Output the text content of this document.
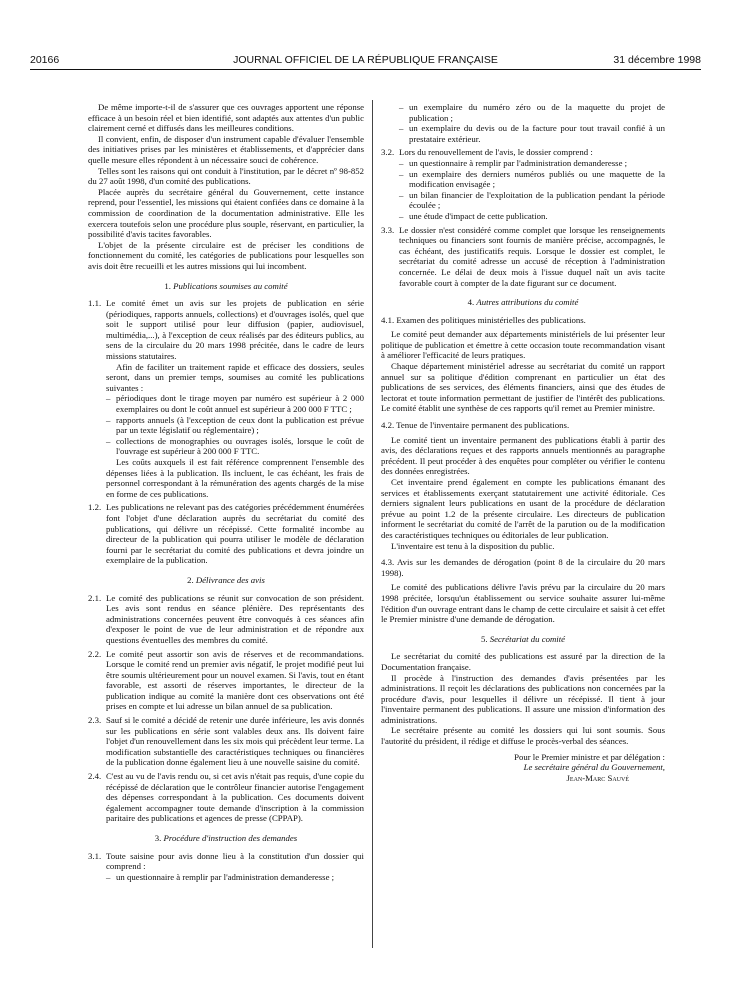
20166	JOURNAL OFFICIEL DE LA RÉPUBLIQUE FRANÇAISE	31 décembre 1998

De même importe-t-il de s'assurer que ces ouvrages apportent une réponse efficace à un besoin réel et bien identifié, sont adaptés aux attentes d'un public clairement cerné et diffusés dans les meilleures conditions.

Il convient, enfin, de disposer d'un instrument capable d'évaluer l'ensemble des initiatives prises par les ministères et établissements, et d'apprécier dans quelle mesure elles répondent à un nécessaire souci de cohérence.

Telles sont les raisons qui ont conduit à l'institution, par le décret nº 98-852 du 27 août 1998, d'un comité des publications.

Placée auprès du secrétaire général du Gouvernement, cette instance reprend, pour l'essentiel, les missions qui étaient confiées dans ce domaine à la commission de coordination de la documentation administrative. Elle les exercera toutefois selon une procédure plus souple, réservant, en particulier, la possibilité d'avis tacites favorables.

L'objet de la présente circulaire est de préciser les conditions de fonctionnement du comité, les catégories de publications pour lesquelles son avis doit être recueilli et les autres missions qui lui incombent.

1. Publications soumises au comité
1.1. Le comité émet un avis sur les projets de publication en série (périodiques, rapports annuels, collections) et d'ouvrages isolés, quel que soit le support utilisé pour leur diffusion (papier, audiovisuel, multimédia,...), à l'exception de ceux réalisés par des éditeurs publics, au sens de la circulaire du 20 mars 1998 précitée, dans le cadre de leurs missions statutaires.

Afin de faciliter un traitement rapide et efficace des dossiers, seules seront, dans un premier temps, soumises au comité les publications suivantes :

– périodiques dont le tirage moyen par numéro est supérieur à 2 000 exemplaires ou dont le coût annuel est supérieur à 200 000 F TTC ;
– rapports annuels (à l'exception de ceux dont la publication est prévue par un texte législatif ou réglementaire) ;
– collections de monographies ou ouvrages isolés, lorsque le coût de l'ouvrage est supérieur à 200 000 F TTC.

Les coûts auxquels il est fait référence comprennent l'ensemble des dépenses liées à la publication. Ils incluent, le cas échéant, les frais de personnel correspondant à la rémunération des agents chargés de la mise en forme de ces publications.

1.2. Les publications ne relevant pas des catégories précédemment énumérées font l'objet d'une déclaration auprès du secrétariat du comité des publications, qui délivre un récépissé. Cette formalité incombe au directeur de la publication qui pourra utiliser le modèle de déclaration fourni par le secrétariat du comité des publications et devra joindre un exemplaire de la publication.

2. Délivrance des avis
2.1. Le comité des publications se réunit sur convocation de son président. Les avis sont rendus en séance plénière. Des représentants des administrations concernées peuvent être convoqués à ces séances afin d'exposer le point de vue de leur administration et de répondre aux questions éventuelles des membres du comité.

2.2. Le comité peut assortir son avis de réserves et de recommandations. Lorsque le comité rend un premier avis négatif, le projet modifié peut lui être soumis ultérieurement pour un nouvel examen. Si l'avis, tout en étant favorable, est assorti de réserves importantes, le directeur de la publication indique au comité la manière dont ces observations ont été prises en compte et lui adresse un bilan annuel de sa publication.

2.3. Sauf si le comité a décidé de retenir une durée inférieure, les avis donnés sur les publications en série sont valables deux ans. Ils doivent faire l'objet d'un renouvellement dans les six mois qui précèdent leur terme. La modification substantielle des caractéristiques techniques ou financières de la publication donne également lieu à une nouvelle saisine du comité.

2.4. C'est au vu de l'avis rendu ou, si cet avis n'était pas requis, d'une copie du récépissé de déclaration que le contrôleur financier autorise l'engagement des dépenses correspondant à la publication. Ces documents doivent également accompagner toute demande d'inscription à la commission paritaire des publications et agences de presse (CPPAP).

3. Procédure d'instruction des demandes
3.1. Toute saisine pour avis donne lieu à la constitution d'un dossier qui comprend :

– un questionnaire à remplir par l'administration demanderesse ;
– un exemplaire du numéro zéro ou de la maquette du projet de publication ;
– un exemplaire du devis ou de la facture pour tout travail confié à un prestataire extérieur.
3.2. Lors du renouvellement de l'avis, le dossier comprend :

– un questionnaire à remplir par l'administration demanderesse ;
– un exemplaire des derniers numéros publiés ou une maquette de la modification envisagée ;
– un bilan financier de l'exploitation de la publication pendant la période écoulée ;
– une étude d'impact de cette publication.
3.3. Le dossier n'est considéré comme complet que lorsque les renseignements techniques ou financiers sont fournis de manière précise, accompagnés, le cas échéant, des justificatifs requis. Lorsque le dossier est complet, le secrétariat du comité adresse un accusé de réception à l'administration concernée. Le délai de deux mois à l'issue duquel naît un avis tacite favorable court à compter de la date figurant sur ce document.

4. Autres attributions du comité

4.1. Examen des politiques ministérielles des publications.

Le comité peut demander aux départements ministériels de lui présenter leur politique de publication et émettre à cette occasion toute recommandation visant à améliorer l'efficacité de leurs pratiques.

Chaque département ministériel adresse au secrétariat du comité un rapport annuel sur sa politique d'édition comprenant en particulier un état des publications de ses services, des éléments financiers, ainsi que des études de lectorat et toute information permettant de justifier de l'intérêt des publications. Le comité établit une synthèse de ces rapports qu'il remet au Premier ministre.

4.2. Tenue de l'inventaire permanent des publications.

Le comité tient un inventaire permanent des publications établi à partir des avis, des déclarations reçues et des rapports annuels mentionnés au paragraphe précédent. Il peut procéder à des enquêtes pour compléter ou vérifier le contenu des données enregistrées.

Cet inventaire prend également en compte les publications émanant des services et établissements exerçant statutairement une activité éditoriale. Ces derniers signalent leurs publications en usant de la procédure de déclaration prévue au point 1.2 de la présente circulaire. Les directeurs de publication informent le secrétariat du comité de l'arrêt de la parution ou de la modification des caractéristiques techniques ou éditoriales de leur publication.

L'inventaire est tenu à la disposition du public.

4.3. Avis sur les demandes de dérogation (point 8 de la circulaire du 20 mars 1998).

Le comité des publications délivre l'avis prévu par la circulaire du 20 mars 1998 précitée, lorsqu'un établissement ou service souhaite assurer lui-même l'édition d'un ouvrage entrant dans le champ de cette circulaire et saisit à cet effet le Premier ministre d'une demande de dérogation.

5. Secrétariat du comité

Le secrétariat du comité des publications est assuré par la direction de la Documentation française.

Il procède à l'instruction des demandes d'avis présentées par les administrations. Il reçoit les déclarations des publications non concernées par la procédure d'avis, pour lesquelles il délivre un récépissé. Il tient à jour l'inventaire permanent des publications. Il assure une mission d'information des administrations.

Le secrétaire présente au comité les dossiers qui lui sont soumis. Sous l'autorité du président, il rédige et diffuse le procès-verbal des séances.

Pour le Premier ministre et par délégation :
Le secrétaire général du Gouvernement,
Jean-Marc Sauvé
